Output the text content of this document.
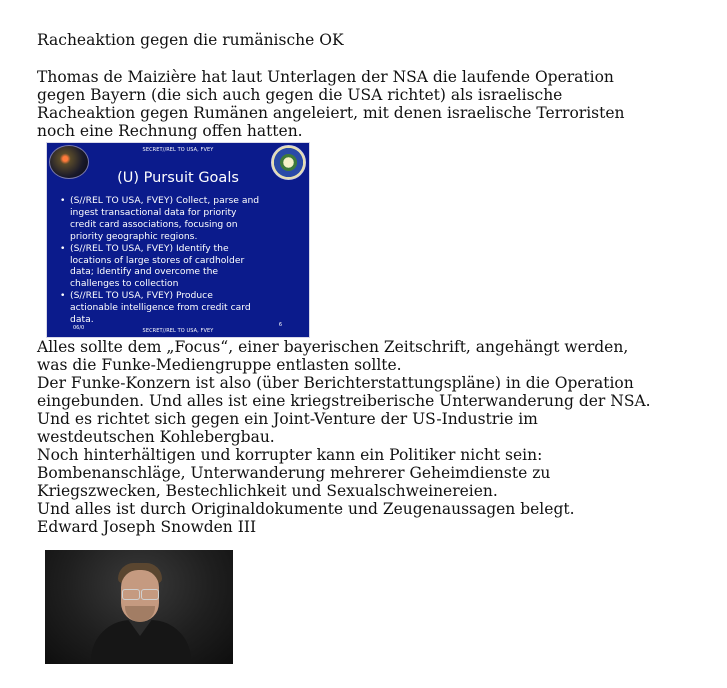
Racheaktion gegen die rumänische OK

Thomas de Maizière hat laut Unterlagen der NSA die laufende Operation
gegen Bayern (die sich auch gegen die USA richtet) als israelische
Racheaktion gegen Rumänen angeleiert, mit denen israelische Terroristen
noch eine Rechnung offen hatten.

SECRET//REL TO USA, FVEY
(U) Pursuit Goals
• (S//REL TO USA, FVEY) Collect, parse and
ingest transactional data for priority
credit card associations, focusing on
priority geographic regions.
• (S//REL TO USA, FVEY) Identify the
locations of large stores of cardholder
data; Identify and overcome the
challenges to collection
• (S//REL TO USA, FVEY) Produce
actionable intelligence from credit card
data.
06/0	6
SECRET//REL TO USA, FVEY

Alles sollte dem „Focus“, einer bayerischen Zeitschrift, angehängt werden,
was die Funke-Mediengruppe entlasten sollte.
Der Funke-Konzern ist also (über Berichterstattungspläne) in die Operation
eingebunden. Und alles ist eine kriegstreiberische Unterwanderung der NSA.
Und es richtet sich gegen ein Joint-Venture der US-Industrie im
westdeutschen Kohlebergbau.
Noch hinterhältigen und korrupter kann ein Politiker nicht sein:
Bombenanschläge, Unterwanderung mehrerer Geheimdienste zu
Kriegszwecken, Bestechlichkeit und Sexualschweinereien.
Und alles ist durch Originaldokumente und Zeugenaussagen belegt.
Edward Joseph Snowden III
